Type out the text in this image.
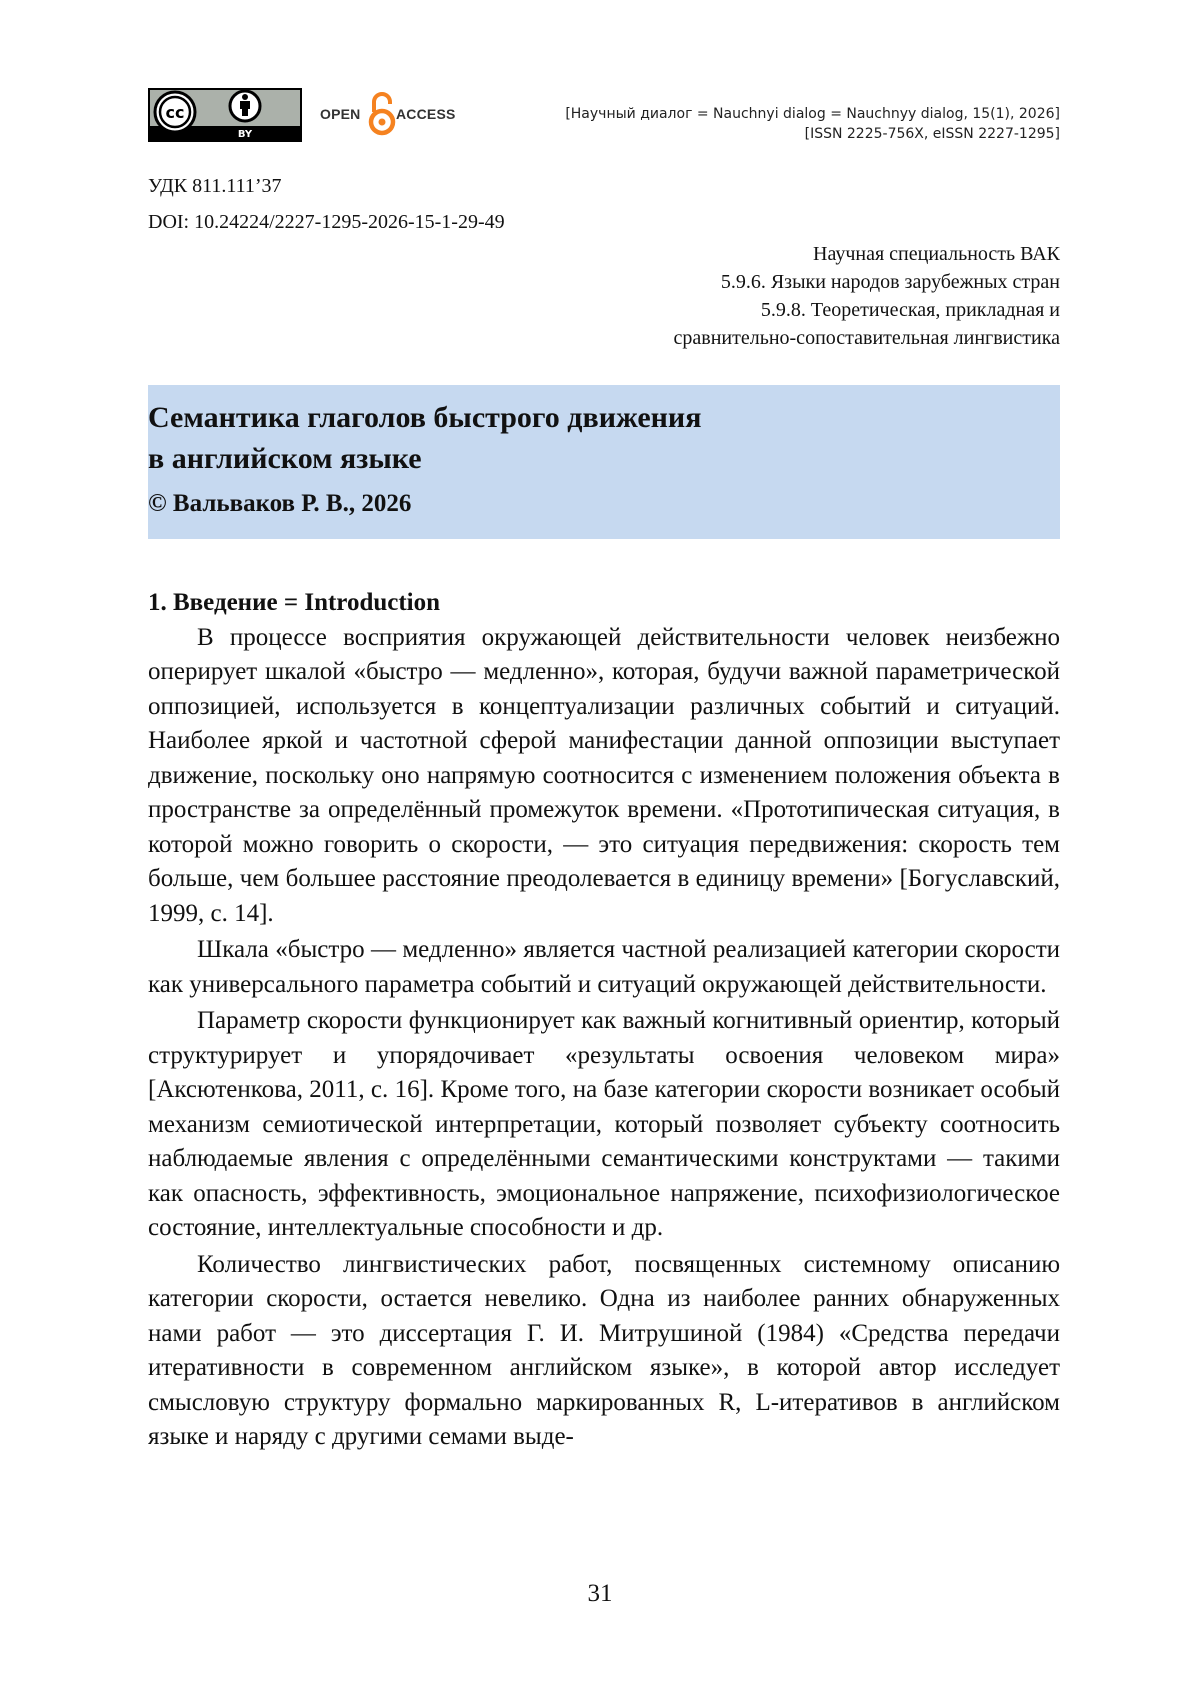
cc
BY
OPEN	ACCESS	[Научный диалог = Nauchnyi dialog = Nauchnyy dialog, 15(1), 2026]
[ISSN 2225-756X, eISSN 2227-1295]
УДК 811.111’37
DOI: 10.24224/2227-1295-2026-15-1-29-49
Научная специальность ВАК
5.9.6. Языки народов зарубежных стран
5.9.8. Теоретическая, прикладная и
сравнительно-сопоставительная лингвистика
Семантика глаголов быстрого движения
в английском языке
© Вальваков Р. В., 2026
1. Введение = Introduction

В процессе восприятия окружающей действительности человек неизбежно оперирует шкалой «быстро — медленно», которая, будучи важной параметрической оппозицией, используется в концептуализации различных событий и ситуаций. Наиболее яркой и частотной сферой манифестации данной оппозиции выступает движение, поскольку оно напрямую соотносится с изменением положения объекта в пространстве за определённый промежуток времени. «Прототипическая ситуация, в которой можно говорить о скорости, — это ситуация передвижения: скорость тем больше, чем большее расстояние преодолевается в единицу времени» [Богуславский, 1999, с. 14].

Шкала «быстро — медленно» является частной реализацией категории скорости как универсального параметра событий и ситуаций окружающей действительности.

Параметр скорости функционирует как важный когнитивный ориентир, который структурирует и упорядочивает «результаты освоения человеком мира» [Аксютенкова, 2011, с. 16]. Кроме того, на базе категории скорости возникает особый механизм семиотической интерпретации, который позволяет субъекту соотносить наблюдаемые явления с определёнными семантическими конструктами — такими как опасность, эффективность, эмоциональное напряжение, психофизиологическое состояние, интеллектуальные способности и др.

Количество лингвистических работ, посвященных системному описанию категории скорости, остается невелико. Одна из наиболее ранних обнаруженных нами работ — это диссертация Г. И. Митрушиной (1984) «Средства передачи итеративности в современном английском языке», в которой автор исследует смысловую структуру формально маркированных R, L-итеративов в английском языке и наряду с другими семами выде-

31
